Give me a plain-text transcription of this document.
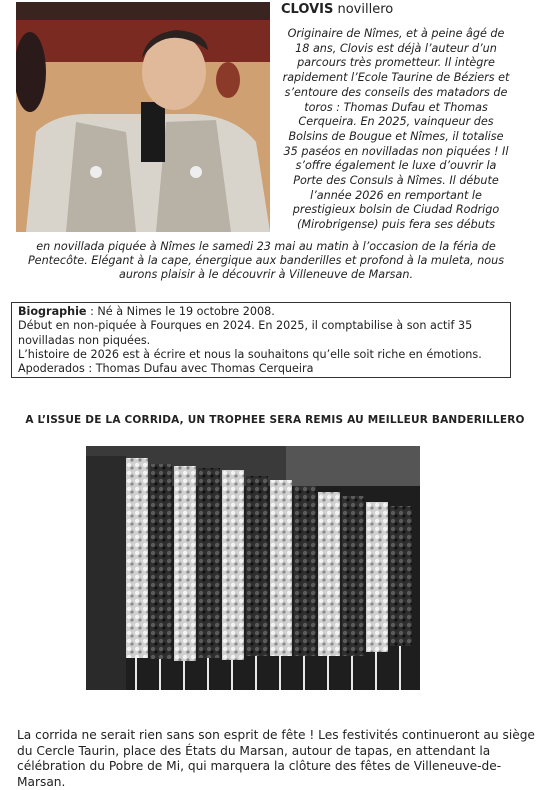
CLOVIS novillero
Originaire de Nîmes, et à peine âgé de 18 ans, Clovis est déjà l’auteur d’un parcours très prometteur. Il intègre rapidement l’Ecole Taurine de Béziers et s’entoure des conseils des matadors de toros : Thomas Dufau et Thomas Cerqueira. En 2025, vainqueur des Bolsins de Bougue et Nîmes, il totalise 35 paséos en novilladas non piquées ! Il s’offre également le luxe d’ouvrir la Porte des Consuls à Nîmes. Il débute l’année 2026 en remportant le prestigieux bolsin de Ciudad Rodrigo (Mirobrigense) puis fera ses débuts
en novillada piquée à Nîmes le samedi 23 mai au matin à l’occasion de la féria de Pentecôte. Elégant à la cape, énergique aux banderilles et profond à la muleta, nous aurons plaisir à le découvrir à Villeneuve de Marsan.
Biographie : Né à Nimes le 19 octobre 2008.
Début en non-piquée à Fourques en 2024. En 2025, il comptabilise à son actif 35 novilladas non piquées.
L’histoire de 2026 est à écrire et nous la souhaitons qu’elle soit riche en émotions.
Apoderados : Thomas Dufau avec Thomas Cerqueira
A L’ISSUE DE LA CORRIDA, UN TROPHEE SERA REMIS AU MEILLEUR BANDERILLERO
La corrida ne serait rien sans son esprit de fête ! Les festivités continueront au siège du Cercle Taurin, place des États du Marsan, autour de tapas, en attendant la célébration du Pobre de Mi, qui marquera la clôture des fêtes de Villeneuve-de-Marsan.
